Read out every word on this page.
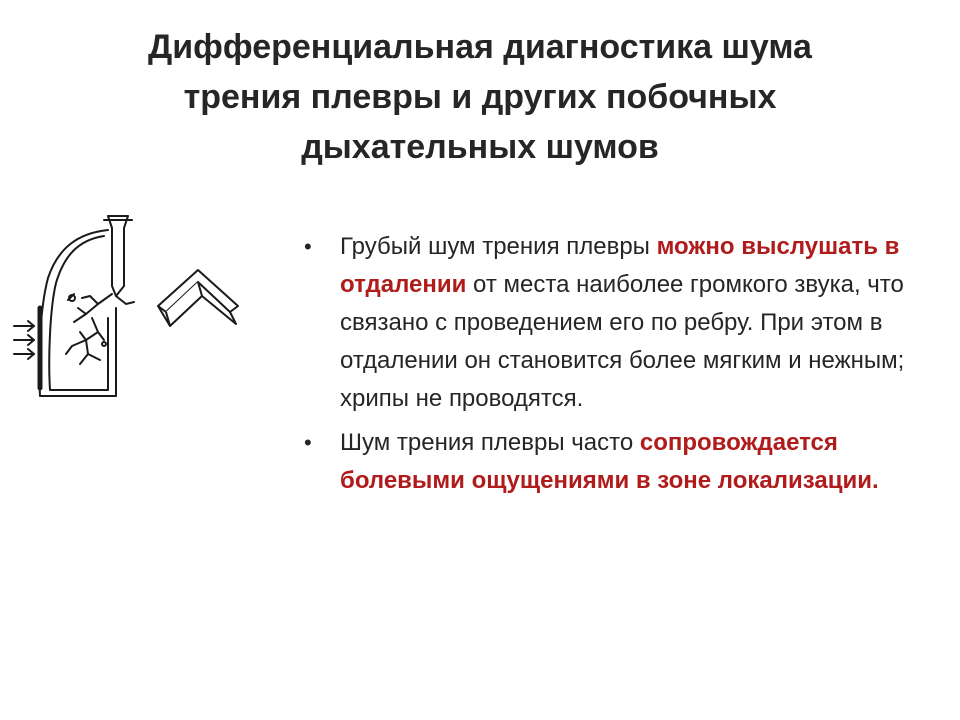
Дифференциальная диагностика шума
трения плевры и других побочных
дыхательных шумов
• Грубый шум трения плевры можно выслушать в отдалении от места наиболее громкого звука, что связано с проведением его по ребру. При этом в отдалении он становится более мягким и нежным; хрипы не проводятся.
• Шум трения плевры часто сопровождается болевыми ощущениями в зоне локализации.
